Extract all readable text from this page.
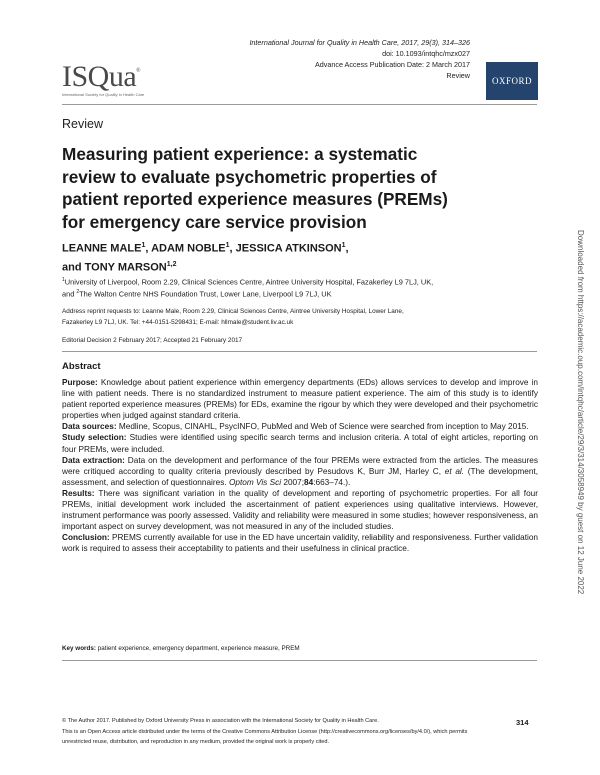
ISQua ®
International Society for Quality in Health Care
International Journal for Quality in Health Care, 2017, 29(3), 314–326
doi: 10.1093/intqhc/mzx027
Advance Access Publication Date: 2 March 2017
Review
OXFORD
Review
Measuring patient experience: a systematic
review to evaluate psychometric properties of
patient reported experience measures (PREMs)
for emergency care service provision
LEANNE MALE$^1$, ADAM NOBLE$^1$, JESSICA ATKINSON$^1$,
and TONY MARSON$^{1,2}$
$^1$University of Liverpool, Room 2.29, Clinical Sciences Centre, Aintree University Hospital, Fazakerley L9 7LJ, UK,
and $^2$The Walton Centre NHS Foundation Trust, Lower Lane, Liverpool L9 7LJ, UK
Address reprint requests to: Leanne Male, Room 2.29, Clinical Sciences Centre, Aintree University Hospital, Lower Lane,
Fazakerley L9 7LJ, UK. Tel: +44-0151-5298431; E-mail: hllmale@student.liv.ac.uk
Editorial Decision 2 February 2017; Accepted 21 February 2017
Abstract

Purpose: Knowledge about patient experience within emergency departments (EDs) allows services to develop and improve in line with patient needs. There is no standardized instrument to measure patient experience. The aim of this study is to identify patient reported experience measures (PREMs) for EDs, examine the rigour by which they were developed and their psychometric properties when judged against standard criteria.

Data sources: Medline, Scopus, CINAHL, PsycINFO, PubMed and Web of Science were searched from inception to May 2015.

Study selection: Studies were identified using specific search terms and inclusion criteria. A total of eight articles, reporting on four PREMs, were included.

Data extraction: Data on the development and performance of the four PREMs were extracted from the articles. The measures were critiqued according to quality criteria previously described by Pesudovs K, Burr JM, Harley C, et al. (The development, assessment, and selection of questionnaires. Optom Vis Sci 2007;84:663–74.).

Results: There was significant variation in the quality of development and reporting of psychometric properties. For all four PREMs, initial development work included the ascertainment of patient experiences using qualitative interviews. However, instrument performance was poorly assessed. Validity and reliability were measured in some studies; however responsiveness, an important aspect on survey development, was not measured in any of the included studies.

Conclusion: PREMS currently available for use in the ED have uncertain validity, reliability and responsiveness. Further validation work is required to assess their acceptability to patients and their usefulness in clinical practice.

Key words: patient experience, emergency department, experience measure, PREM
© The Author 2017. Published by Oxford University Press in association with the International Society for Quality in Health Care.
This is an Open Access article distributed under the terms of the Creative Commons Attribution License (http://creativecommons.org/licenses/by/4.0/), which permits
unrestricted reuse, distribution, and reproduction in any medium, provided the original work is properly cited.
314
Downloaded from https://academic.oup.com/intqhc/article/29/3/314/3058949 by guest on 12 June 2022
